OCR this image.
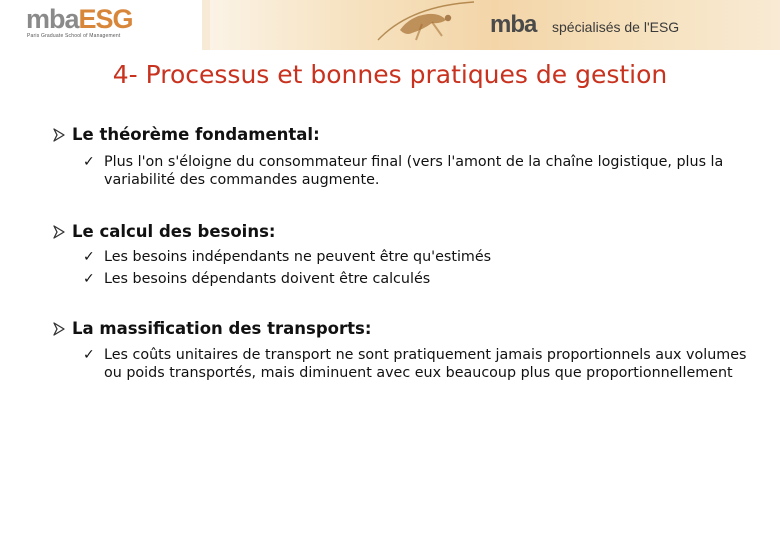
mbaESG
Paris Graduate School of Management	mba spécialisés de l'ESG
4- Processus et bonnes pratiques de gestion
Le théorème fondamental:
✓ Plus l'on s'éloigne du consommateur final (vers l'amont de la chaîne logistique, plus la variabilité des commandes augmente.
Le calcul des besoins:
✓ Les besoins indépendants ne peuvent être qu'estimés
✓ Les besoins dépendants doivent être calculés
La massification des transports:
✓ Les coûts unitaires de transport ne sont pratiquement jamais proportionnels aux volumes ou poids transportés, mais diminuent avec eux beaucoup plus que proportionnellement
